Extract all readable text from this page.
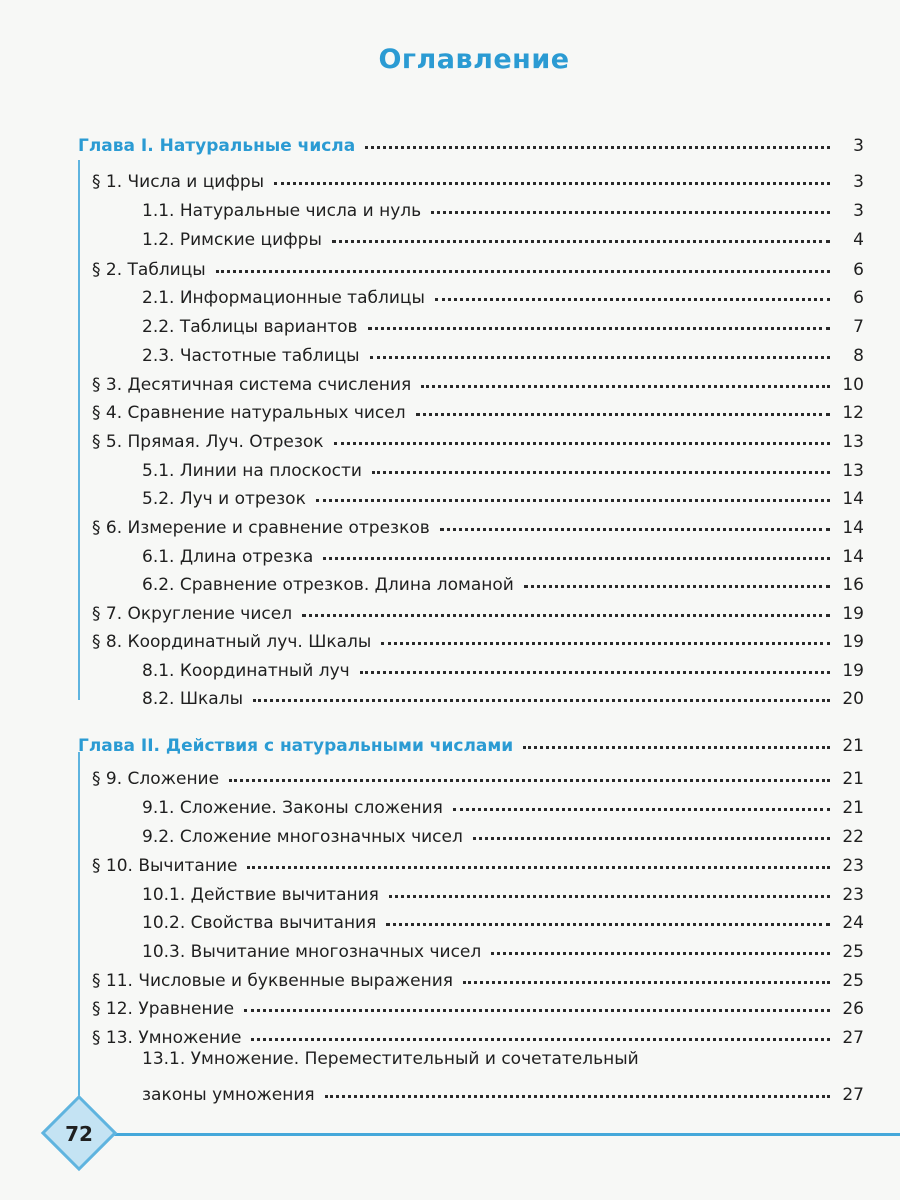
Оглавление
Глава I. Натуральные числа	3
§ 1. Числа и цифры	3
1.1. Натуральные числа и нуль	3
1.2. Римские цифры	4
§ 2. Таблицы	6
2.1. Информационные таблицы	6
2.2. Таблицы вариантов	7
2.3. Частотные таблицы	8
§ 3. Десятичная система счисления	10
§ 4. Сравнение натуральных чисел	12
§ 5. Прямая. Луч. Отрезок	13
5.1. Линии на плоскости	13
5.2. Луч и отрезок	14
§ 6. Измерение и сравнение отрезков	14
6.1. Длина отрезка	14
6.2. Сравнение отрезков. Длина ломаной	16
§ 7. Округление чисел	19
§ 8. Координатный луч. Шкалы	19
8.1. Координатный луч	19
8.2. Шкалы	20
Глава II. Действия с натуральными числами	21
§ 9. Сложение	21
9.1. Сложение. Законы сложения	21
9.2. Сложение многозначных чисел	22
§ 10. Вычитание	23
10.1. Действие вычитания	23
10.2. Свойства вычитания	24
10.3. Вычитание многозначных чисел	25
§ 11. Числовые и буквенные выражения	25
§ 12. Уравнение	26
§ 13. Умножение	27
13.1. Умножение. Переместительный и сочетательный
законы умножения	27
72
